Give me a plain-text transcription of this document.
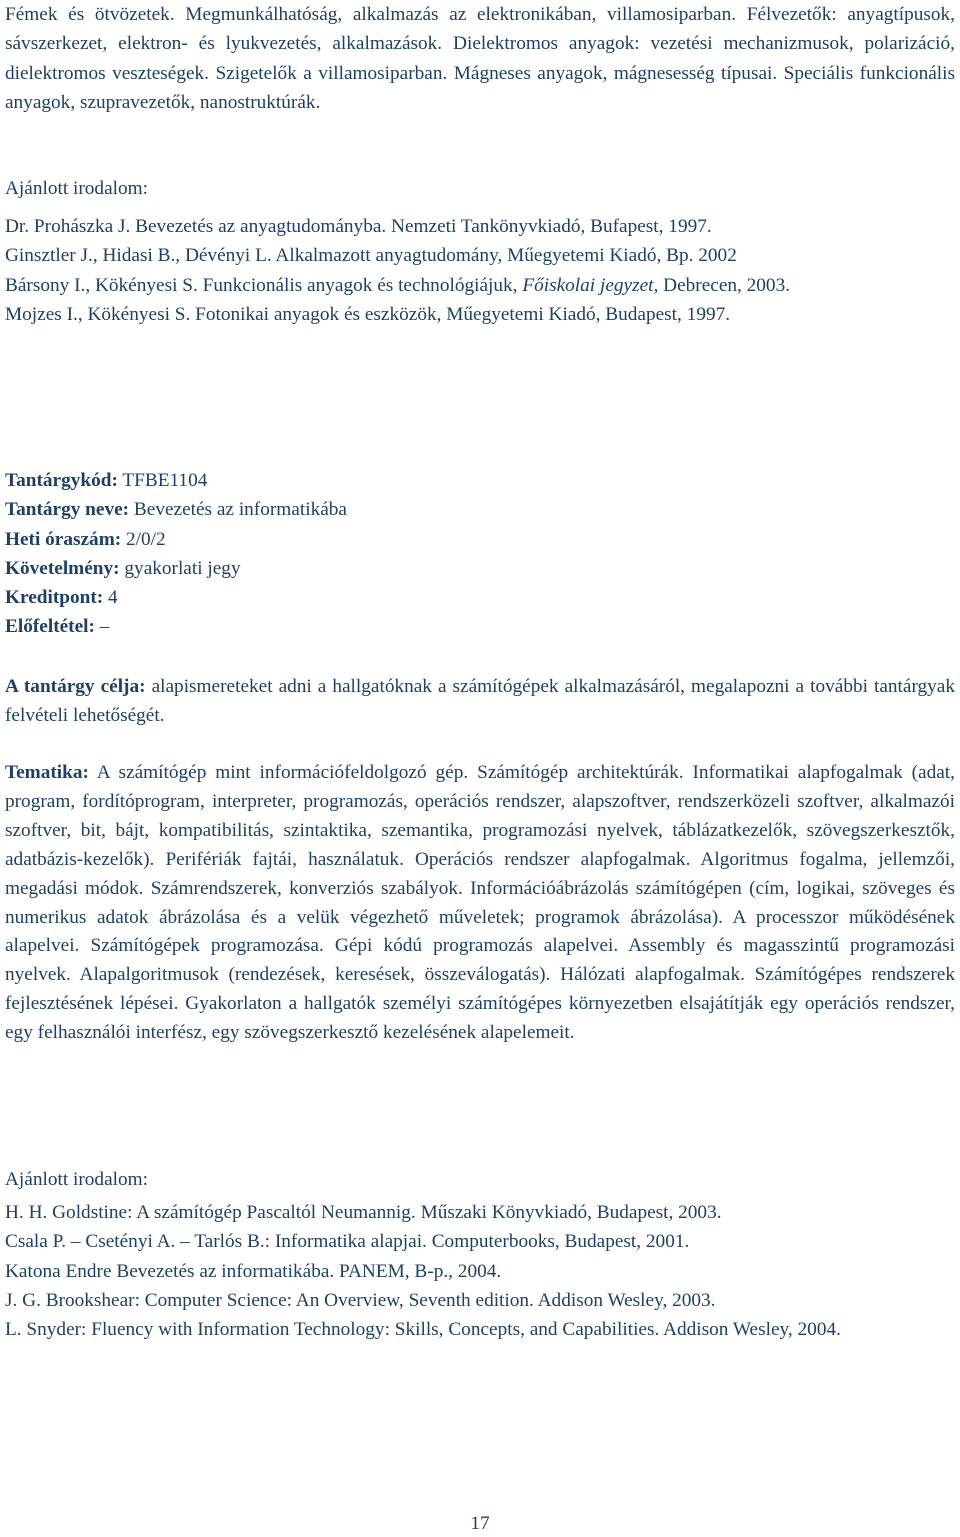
Fémek és ötvözetek. Megmunkálhatóság, alkalmazás az elektronikában, villamosiparban. Félvezetők: anyagtípusok, sávszerkezet, elektron- és lyukvezetés, alkalmazások. Dielektromos anyagok: vezetési mechanizmusok, polarizáció, dielektromos veszteségek. Szigetelők a villamosiparban. Mágneses anyagok, mágnesesség típusai. Speciális funkcionális anyagok, szupravezetők, nanostruktúrák.
Ajánlott irodalom:
Dr. Prohászka J. Bevezetés az anyagtudományba. Nemzeti Tankönyvkiadó, Bufapest, 1997.
Ginsztler J., Hidasi B., Dévényi L. Alkalmazott anyagtudomány, Műegyetemi Kiadó, Bp. 2002
Bársony I., Kökényesi S. Funkcionális anyagok és technológiájuk, Főiskolai jegyzet, Debrecen, 2003.
Mojzes I., Kökényesi S. Fotonikai anyagok és eszközök, Műegyetemi Kiadó, Budapest, 1997.
Tantárgykód: TFBE1104
Tantárgy neve: Bevezetés az informatikába
Heti óraszám: 2/0/2
Követelmény: gyakorlati jegy
Kreditpont: 4
Előfeltétel: –
A tantárgy célja: alapismereteket adni a hallgatóknak a számítógépek alkalmazásáról, megalapozni a további tantárgyak felvételi lehetőségét.
Tematika: A számítógép mint információfeldolgozó gép. Számítógép architektúrák. Informatikai alapfogalmak (adat, program, fordítóprogram, interpreter, programozás, operációs rendszer, alapszoftver, rendszerközeli szoftver, alkalmazói szoftver, bit, bájt, kompatibilitás, szintaktika, szemantika, programozási nyelvek, táblázatkezelők, szövegszerkesztők, adatbázis-kezelők). Perifériák fajtái, használatuk. Operációs rendszer alapfogalmak. Algoritmus fogalma, jellemzői, megadási módok. Számrendszerek, konverziós szabályok. Információábrázolás számítógépen (cím, logikai, szöveges és numerikus adatok ábrázolása és a velük végezhető műveletek; programok ábrázolása). A processzor működésének alapelvei. Számítógépek programozása. Gépi kódú programozás alapelvei. Assembly és magasszintű programozási nyelvek. Alapalgoritmusok (rendezések, keresések, összeválogatás). Hálózati alapfogalmak. Számítógépes rendszerek fejlesztésének lépései. Gyakorlaton a hallgatók személyi számítógépes környezetben elsajátítják egy operációs rendszer, egy felhasználói interfész, egy szövegszerkesztő kezelésének alapelemeit.
Ajánlott irodalom:
H. H. Goldstine: A számítógép Pascaltól Neumannig. Műszaki Könyvkiadó, Budapest, 2003.
Csala P. – Csetényi A. – Tarlós B.: Informatika alapjai. Computerbooks, Budapest, 2001.
Katona Endre Bevezetés az informatikába. PANEM, B-p., 2004.
J. G. Brookshear: Computer Science: An Overview, Seventh edition. Addison Wesley, 2003.
L. Snyder: Fluency with Information Technology: Skills, Concepts, and Capabilities. Addison Wesley, 2004.
17
